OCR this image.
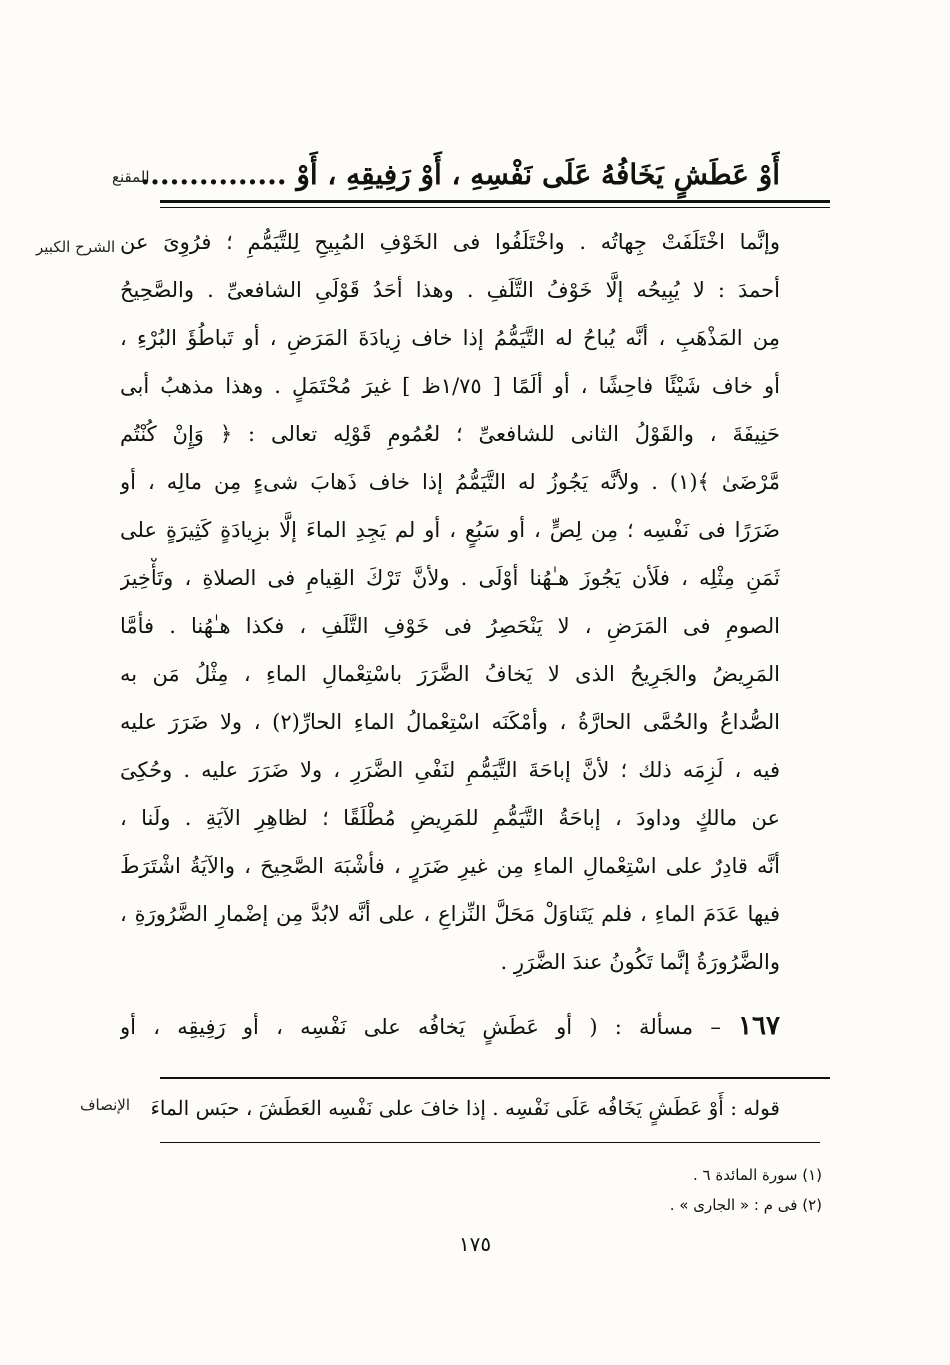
المقنع
الشرح الكبير
الإنصاف
أَوْ عَطَشٍ يَخَافُهُ عَلَى نَفْسِهِ ، أَوْ رَفِيقِهِ ، أَوْ ...............
وإنَّما اخْتَلَفَتْ جِهاتُه . واخْتَلَفُوا فى الخَوْفِ المُبِيحِ لِلتَّيَمُّمِ ؛ فرُوِىَ عن
أحمدَ : لا يُبِيحُه إلَّا خَوْفُ التَّلَفِ . وهذا أحَدُ قَوْلَىِ الشافعىِّ . والصَّحِيحُ
مِن المَذْهَبِ ، أنَّه يُباحُ له التَّيَمُّمُ إذا خاف زِيادَةَ المَرَضِ ، أو تَباطُؤَ البُرْءِ ،
أو خاف شَيْئًا فاحِشًا ، أو ألَمًا [ ١/٧٥ظ ] غيرَ مُحْتَمَلٍ . وهذا مذهبُ أبى
حَنِيفَةَ ، والقَوْلُ الثانى للشافعىِّ ؛ لعُمُومِ قَوْلِه تعالى : ﴿ وَإِنْ كُنْتُم
مَّرْضَىٰ ﴾(١) . ولأنَّه يَجُوزُ له التَّيَمُّمُ إذا خاف ذَهابَ شىءٍ مِن مالِه ، أو
ضَرَرًا فى نَفْسِه ؛ مِن لِصٍّ ، أو سَبُعٍ ، أو لم يَجِدِ الماءَ إلَّا بزِيادَةٍ كَثِيرَةٍ على
ثَمَنِ مِثْلِه ، فلَأن يَجُوزَ هـٰهُنا أوْلَى . ولأنَّ تَرْكَ القِيامِ فى الصلاةِ ، وتَأْخِيرَ
الصومِ فى المَرَضِ ، لا يَنْحَصِرُ فى خَوْفِ التَّلَفِ ، فكذا هـٰهُنا . فأمَّا
المَرِيضُ والجَرِيحُ الذى لا يَخافُ الضَّرَرَ باسْتِعْمالِ الماءِ ، مِثْلُ مَن به
الصُّداعُ والحُمَّى الحارَّةُ ، وأمْكَنَه اسْتِعْمالُ الماءِ الحارِّ(٢) ، ولا ضَرَرَ عليه
فيه ، لَزِمَه ذلك ؛ لأنَّ إباحَةَ التَّيَمُّمِ لنَفْىِ الضَّرَرِ ، ولا ضَرَرَ عليه . وحُكِىَ
عن مالكٍ وداودَ ، إباحَةُ التَّيَمُّمِ للمَرِيضِ مُطْلَقًا ؛ لظاهِرِ الآيَةِ . ولَنا ،
أنَّه قادِرٌ على اسْتِعْمالِ الماءِ مِن غيرِ ضَرَرٍ ، فأشْبَهَ الصَّحِيحَ ، والآيَةُ اشْتَرَطَ
فيها عَدَمَ الماءِ ، فلم يَتَناوَلْ مَحَلَّ النِّزاعِ ، على أنَّه لابُدَّ مِن إضْمارِ الضَّرُورَةِ ،
والضَّرُورَةُ إنَّما تَكُونُ عندَ الضَّرَرِ .
١٦٧ – مسألة : ( أو عَطَشٍ يَخافُه على نَفْسِه ، أو رَفِيقِه ، أو
قوله : أَوْ عَطَشٍ يَخَافُه عَلَى نَفْسِه . إذا خافَ على نَفْسِه العَطَشَ ، حبَس الماءَ
(١) سورة المائدة ٦ .
(٢) فى م : « الجارى » .
١٧٥
